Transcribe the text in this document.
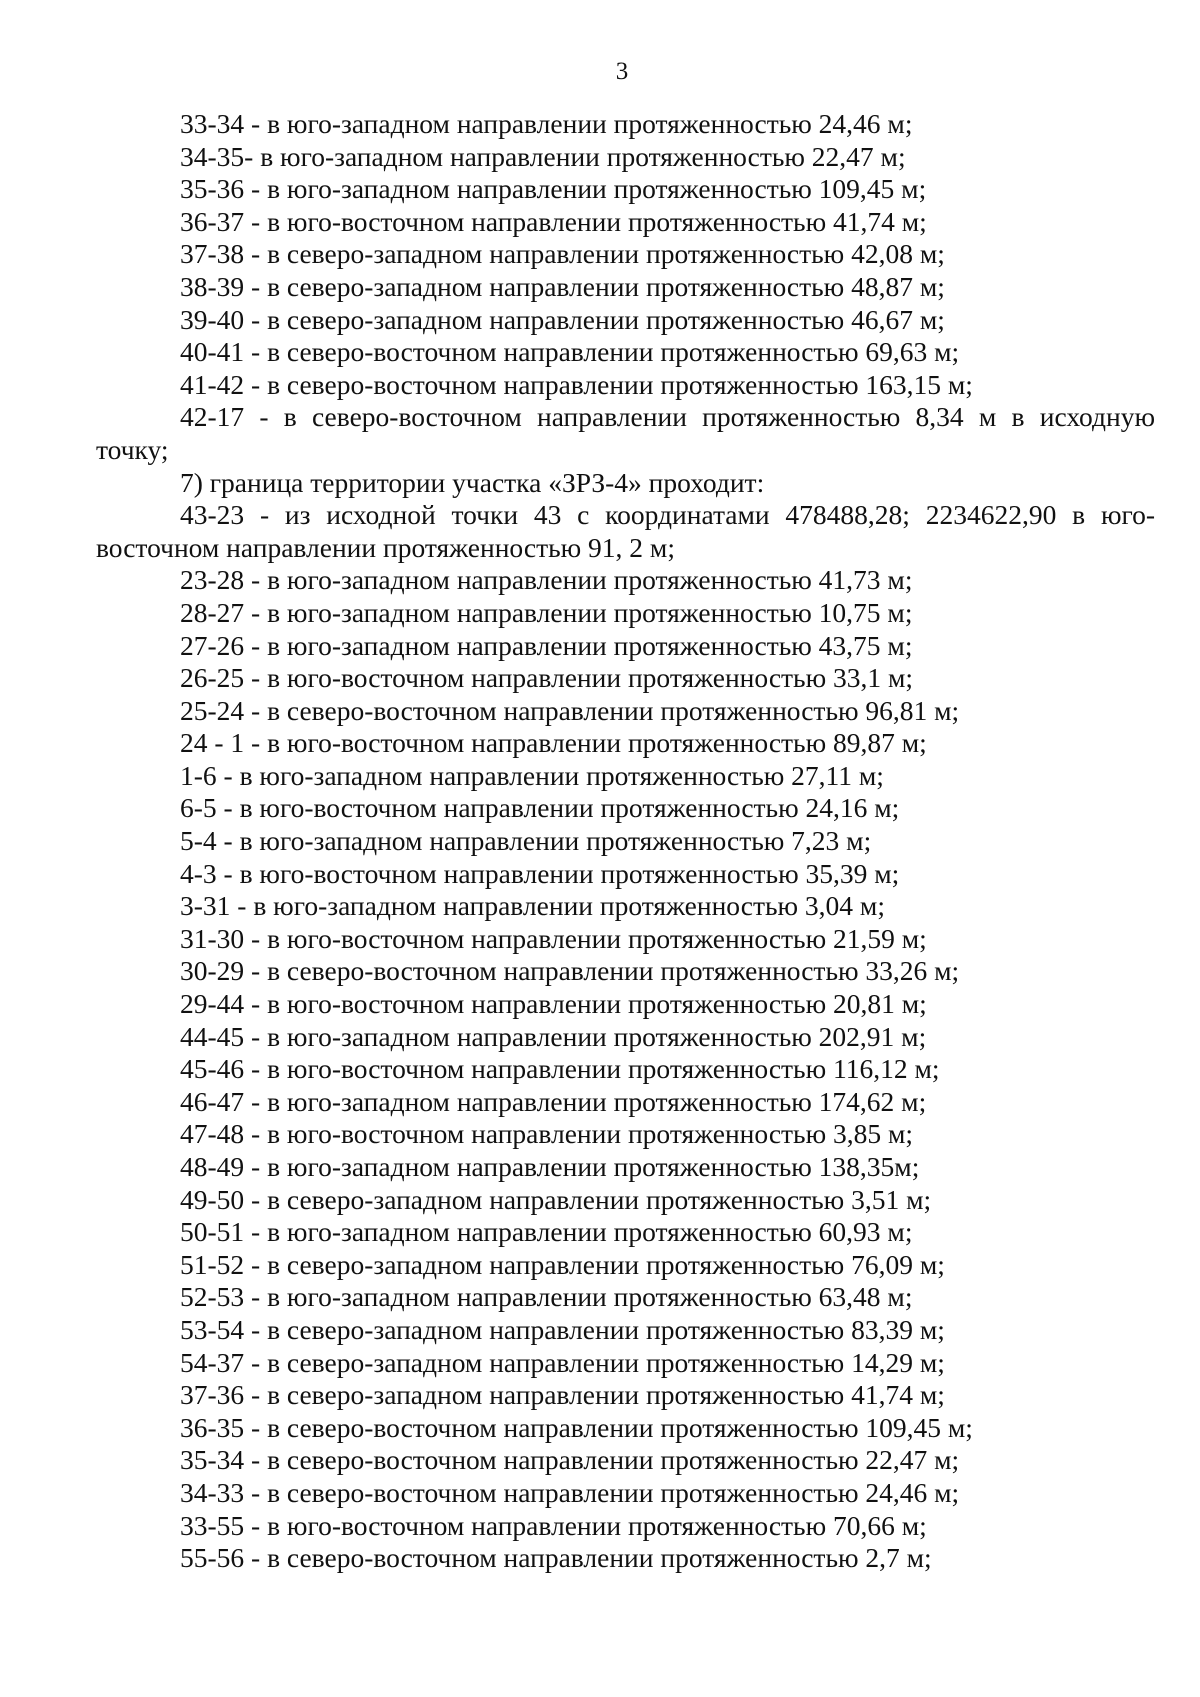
3
33-34 - в юго-западном направлении протяженностью 24,46 м;
34-35- в юго-западном направлении протяженностью 22,47 м;
35-36 - в юго-западном направлении протяженностью 109,45 м;
36-37 - в юго-восточном направлении протяженностью 41,74 м;
37-38 - в северо-западном направлении протяженностью 42,08 м;
38-39 - в северо-западном направлении протяженностью 48,87 м;
39-40 - в северо-западном направлении протяженностью 46,67 м;
40-41 - в северо-восточном направлении протяженностью 69,63 м;
41-42 - в северо-восточном направлении протяженностью 163,15 м;
42-17 - в северо-восточном направлении протяженностью 8,34 м в исходную
точку;
7) граница территории участка «ЗРЗ-4» проходит:
43-23 - из исходной точки 43 с координатами 478488,28; 2234622,90 в юго-
восточном направлении протяженностью 91, 2 м;
23-28 - в юго-западном направлении протяженностью 41,73 м;
28-27 - в юго-западном направлении протяженностью 10,75 м;
27-26 - в юго-западном направлении протяженностью 43,75 м;
26-25 - в юго-восточном направлении протяженностью 33,1 м;
25-24 - в северо-восточном направлении протяженностью 96,81 м;
24 - 1 - в юго-восточном направлении протяженностью 89,87 м;
1-6 - в юго-западном направлении протяженностью 27,11 м;
6-5 - в юго-восточном направлении протяженностью 24,16 м;
5-4 - в юго-западном направлении протяженностью 7,23 м;
4-3 - в юго-восточном направлении протяженностью 35,39 м;
3-31 - в юго-западном направлении протяженностью 3,04 м;
31-30 - в юго-восточном направлении протяженностью 21,59 м;
30-29 - в северо-восточном направлении протяженностью 33,26 м;
29-44 - в юго-восточном направлении протяженностью 20,81 м;
44-45 - в юго-западном направлении протяженностью 202,91 м;
45-46 - в юго-восточном направлении протяженностью 116,12 м;
46-47 - в юго-западном направлении протяженностью 174,62 м;
47-48 - в юго-восточном направлении протяженностью 3,85 м;
48-49 - в юго-западном направлении протяженностью 138,35м;
49-50 - в северо-западном направлении протяженностью 3,51 м;
50-51 - в юго-западном направлении протяженностью 60,93 м;
51-52 - в северо-западном направлении протяженностью 76,09 м;
52-53 - в юго-западном направлении протяженностью 63,48 м;
53-54 - в северо-западном направлении протяженностью 83,39 м;
54-37 - в северо-западном направлении протяженностью 14,29 м;
37-36 - в северо-западном направлении протяженностью 41,74 м;
36-35 - в северо-восточном направлении протяженностью 109,45 м;
35-34 - в северо-восточном направлении протяженностью 22,47 м;
34-33 - в северо-восточном направлении протяженностью 24,46 м;
33-55 - в юго-восточном направлении протяженностью 70,66 м;
55-56 - в северо-восточном направлении протяженностью 2,7 м;
